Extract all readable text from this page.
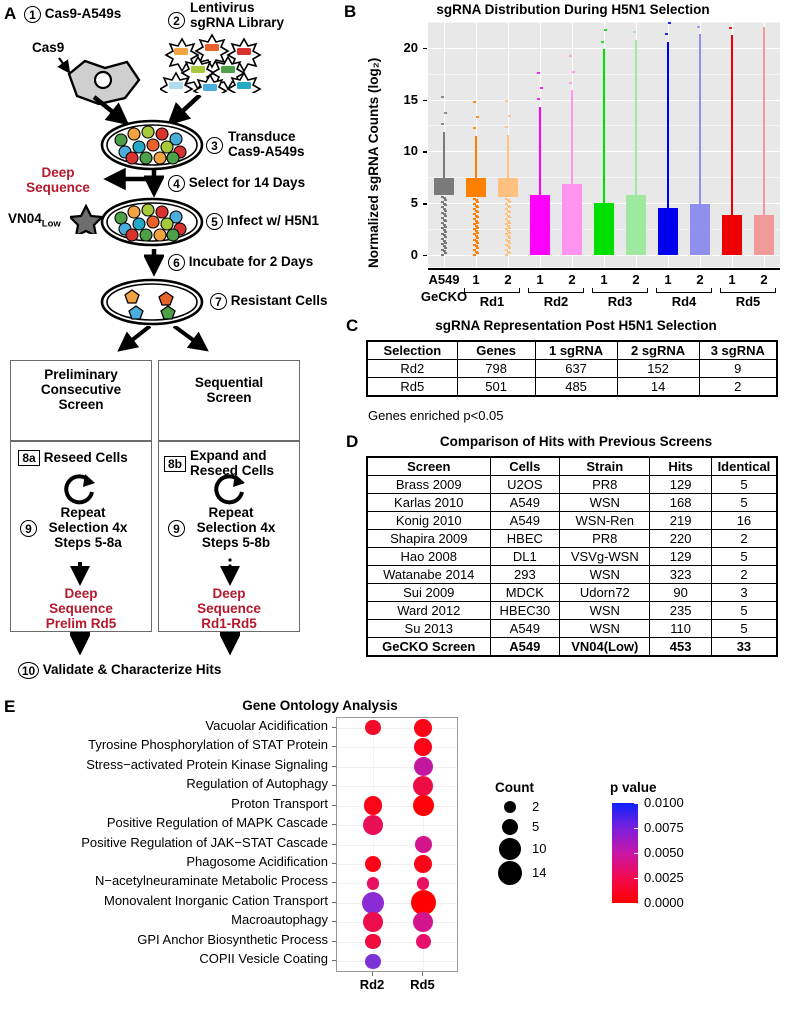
A	1 Cas9-A549s	2
Lentivirus
sgRNA Library
Cas9
3
Transduce
Cas9-A549s
Deep
Sequence	4 Select for 14 Days
$VN04_{Low}$	5 Infect w/ H5N1
6 Incubate for 2 Days
7 Resistant Cells
Preliminary
Consecutive
Screen
8a Reseed Cells
Repeat
9	Selection 4x
Steps 5-8a
Deep
Sequence
Prelim Rd5
Sequential
Screen
8b
Expand and
Reseed Cells
Repeat
9	Selection 4x
Steps 5-8b
Deep
Sequence
Rd1-Rd5
10 Validate & Characterize Hits
B	sgRNA Distribution During H5N1 Selection
Normalized sgRNA Counts (log₂)
A549 1	2	1	2	1	2	1	2	1	2
GeCKO Rd1	Rd2	Rd3	Rd4	Rd5
0
5
10
15
20
C	sgRNA Representation Post H5N1 Selection
Selection	Genes	1 sgRNA	2 sgRNA	3 sgRNA
Rd2	798	637	152	9
Rd5	501	485	14	2
Genes enriched p<0.05
D	Comparison of Hits with Previous Screens
Screen	Cells	Strain	Hits	Identical
Brass 2009	U2OS	PR8	129	5
Karlas 2010	A549	WSN	168	5
Konig 2010	A549	WSN-Ren	219	16
Shapira 2009	HBEC	PR8	220	2
Hao 2008	DL1	VSVg-WSN	129	5
Watanabe 2014	293	WSN	323	2
Sui 2009	MDCK	Udorn72	90	3
Ward 2012	HBEC30	WSN	235	5
Su 2013	A549	WSN	110	5
GeCKO Screen	A549	VN04(Low)	453	33
E	Gene Ontology Analysis
Count	p value
Vacuolar Acidification
Tyrosine Phosphorylation of STAT Protein
Stress−activated Protein Kinase Signaling
Regulation of Autophagy
Proton Transport
Positive Regulation of MAPK Cascade
Positive Regulation of JAK−STAT Cascade
Phagosome Acidification
N−acetylneuraminate Metabolic Process
Monovalent Inorganic Cation Transport
Macroautophagy
GPI Anchor Biosynthetic Process
COPII Vesicle Coating
Rd2	Rd5
2
5
10
14
0.0100
0.0075
0.0050
0.0025
0.0000
